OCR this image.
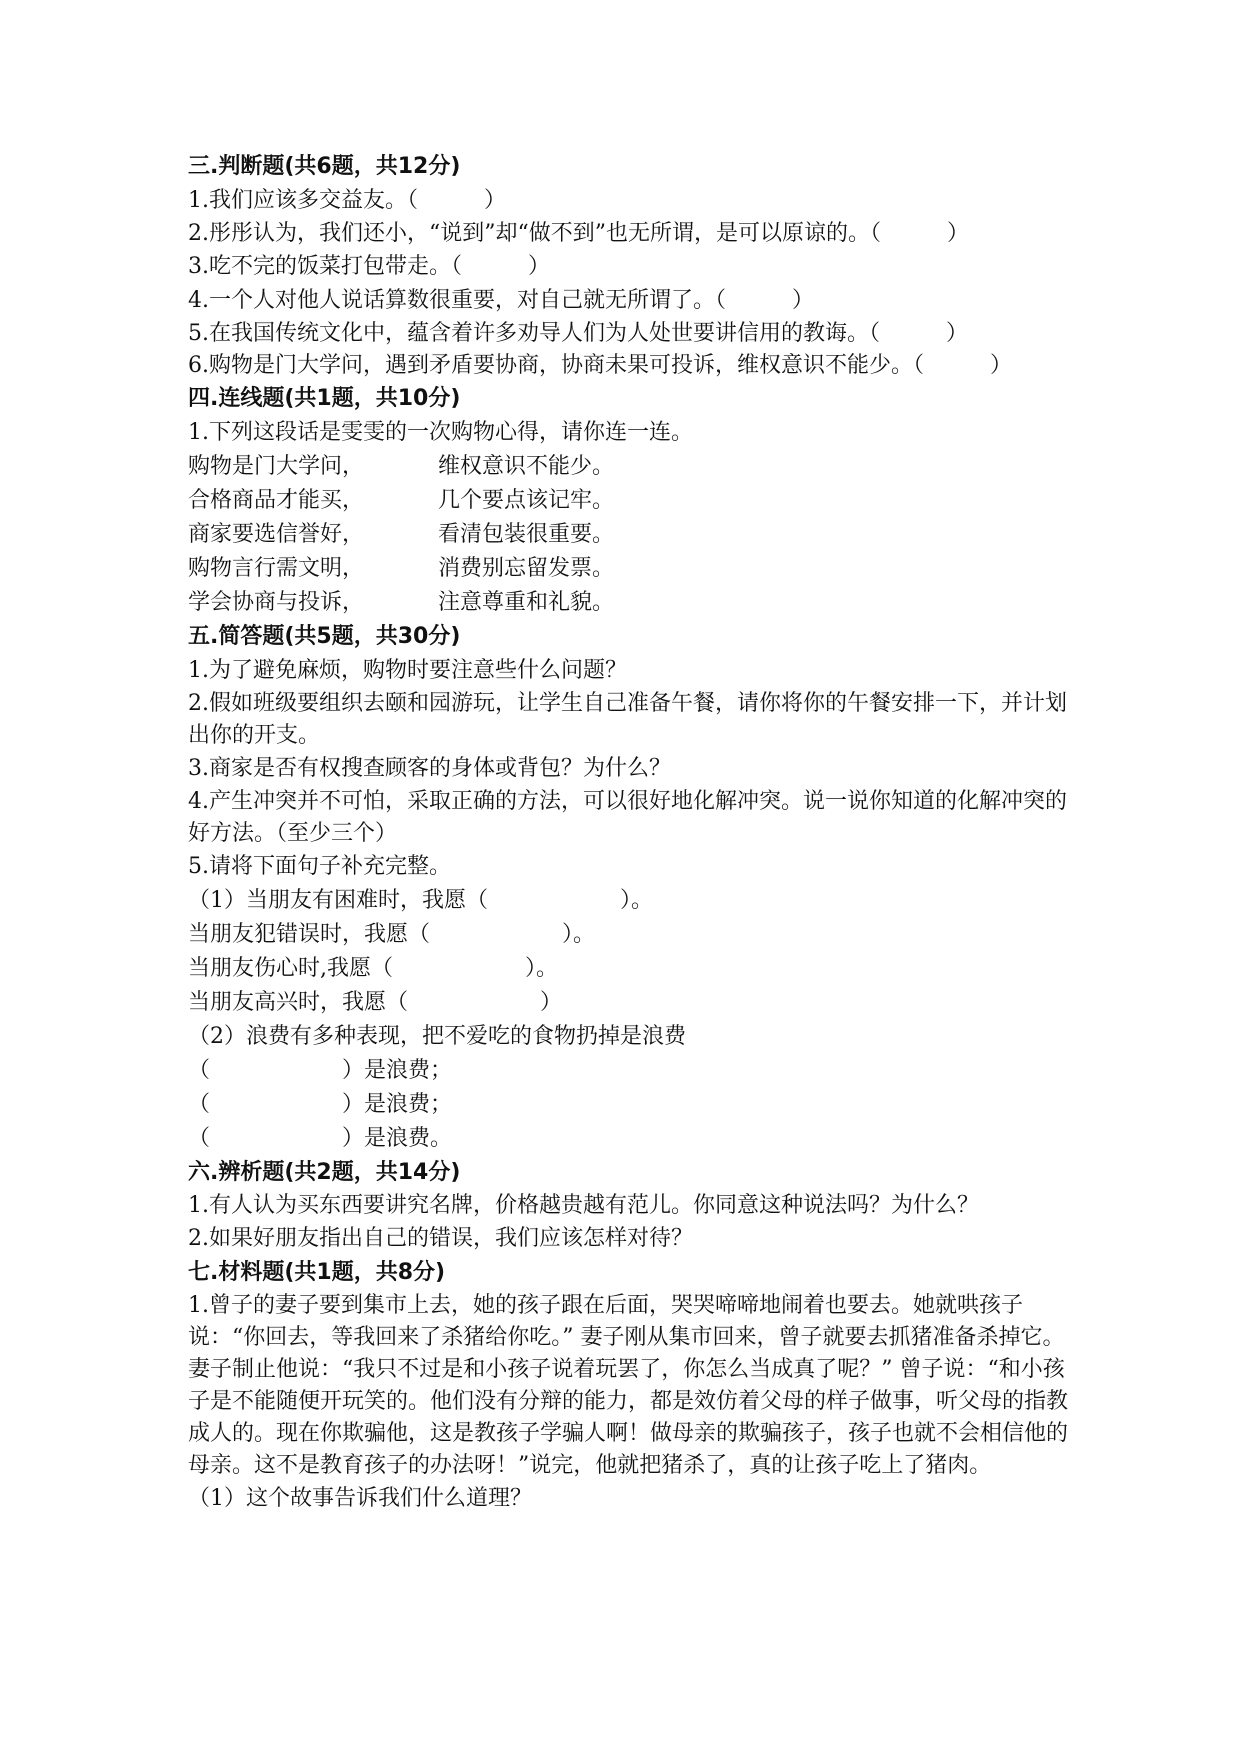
三.判断题(共6题，共12分)
1.我们应该多交益友。（　　　）
2.彤彤认为，我们还小，“说到”却“做不到”也无所谓，是可以原谅的。（　　　）
3.吃不完的饭菜打包带走。（　　　）
4.一个人对他人说话算数很重要，对自己就无所谓了。（　　　）
5.在我国传统文化中，蕴含着许多劝导人们为人处世要讲信用的教诲。（　　　）
6.购物是门大学问，遇到矛盾要协商，协商未果可投诉，维权意识不能少。（　　　）
四.连线题(共1题，共10分)
1.下列这段话是雯雯的一次购物心得，请你连一连。
购物是门大学问，	维权意识不能少。
合格商品才能买，	几个要点该记牢。
商家要选信誉好，	看清包装很重要。
购物言行需文明，	消费别忘留发票。
学会协商与投诉，	注意尊重和礼貌。
五.简答题(共5题，共30分)
1.为了避免麻烦，购物时要注意些什么问题？
2.假如班级要组织去颐和园游玩，让学生自己准备午餐，请你将你的午餐安排一下，并计划出你的开支。
3.商家是否有权搜查顾客的身体或背包？为什么？
4.产生冲突并不可怕，采取正确的方法，可以很好地化解冲突。说一说你知道的化解冲突的好方法。（至少三个）
5.请将下面句子补充完整。
（1）当朋友有困难时，我愿（　　　　　　）。
当朋友犯错误时，我愿（　　　　　　）。
当朋友伤心时,我愿（　　　　　　）。
当朋友高兴时，我愿（　　　　　　）
（2）浪费有多种表现，把不爱吃的食物扔掉是浪费
（　　　　　　）是浪费；
（　　　　　　）是浪费；
（　　　　　　）是浪费。
六.辨析题(共2题，共14分)
1.有人认为买东西要讲究名牌，价格越贵越有范儿。你同意这种说法吗？为什么？
2.如果好朋友指出自己的错误，我们应该怎样对待？
七.材料题(共1题，共8分)
1.曾子的妻子要到集市上去，她的孩子跟在后面，哭哭啼啼地闹着也要去。她就哄孩子说：“你回去，等我回来了杀猪给你吃。” 妻子刚从集市回来，曾子就要去抓猪准备杀掉它。妻子制止他说：“我只不过是和小孩子说着玩罢了，你怎么当成真了呢？” 曾子说：“和小孩子是不能随便开玩笑的。他们没有分辩的能力，都是效仿着父母的样子做事，听父母的指教成人的。现在你欺骗他，这是教孩子学骗人啊！做母亲的欺骗孩子，孩子也就不会相信他的母亲。这不是教育孩子的办法呀！”说完，他就把猪杀了，真的让孩子吃上了猪肉。
（1）这个故事告诉我们什么道理？
